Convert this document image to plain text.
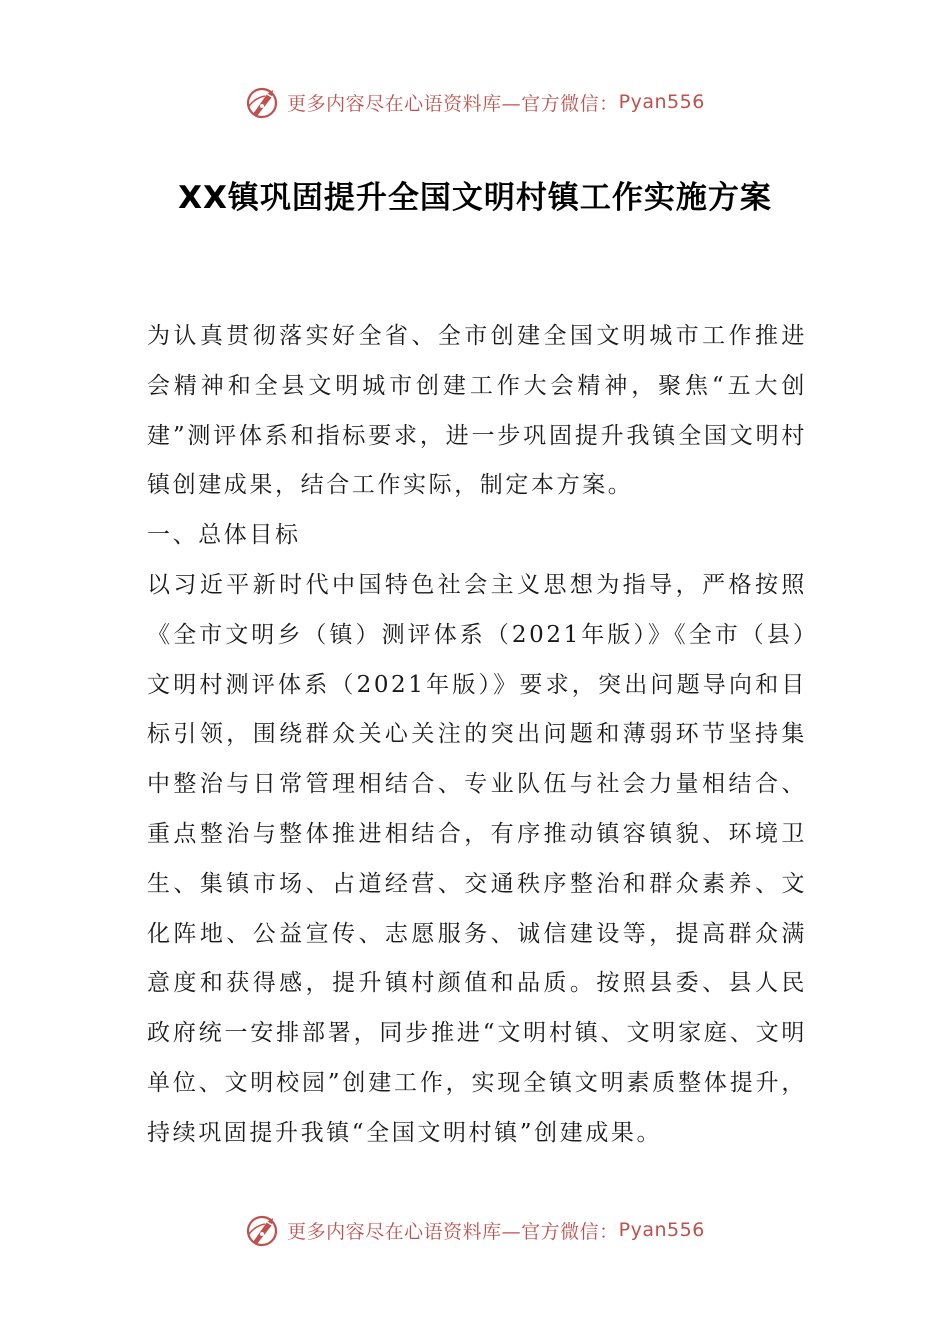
更多内容尽在心语资料库—官方微信： Pyan556
XX镇巩固提升全国文明村镇工作实施方案

为认真贯彻落实好全省、全市创建全国文明城市工作推进会精神和全县文明城市创建工作大会精神，聚焦“五大创建”测评体系和指标要求，进一步巩固提升我镇全国文明村镇创建成果，结合工作实际，制定本方案。

一、总体目标

以习近平新时代中国特色社会主义思想为指导，严格按照《全市文明乡（镇）测评体系（2021年版）》《全市（县）文明村测评体系（2021年版）》要求，突出问题导向和目标引领，围绕群众关心关注的突出问题和薄弱环节坚持集中整治与日常管理相结合、专业队伍与社会力量相结合、重点整治与整体推进相结合，有序推动镇容镇貌、环境卫生、集镇市场、占道经营、交通秩序整治和群众素养、文化阵地、公益宣传、志愿服务、诚信建设等，提高群众满意度和获得感，提升镇村颜值和品质。按照县委、县人民政府统一安排部署，同步推进“文明村镇、文明家庭、文明单位、文明校园”创建工作，实现全镇文明素质整体提升，持续巩固提升我镇“全国文明村镇”创建成果。

更多内容尽在心语资料库—官方微信： Pyan556
